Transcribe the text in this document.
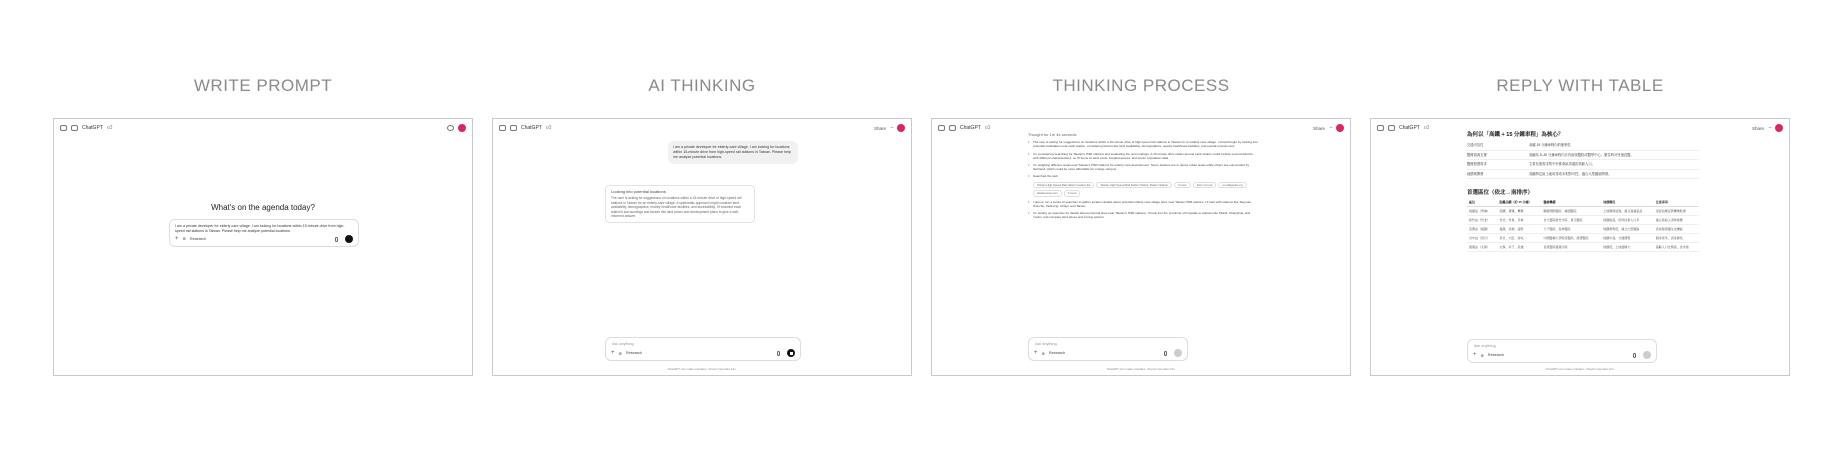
WRITE PROMPT	AI THINKING	THINKING PROCESS	REPLY WITH TABLE
ChatGPT o3
What's on the agenda today?
I am a private developer for elderly-care village. I am looking for locations within 15-minute drive from high-speed rail stations in Taiwan. Please help me analyze potential locations.
+ ⚙ Research
ChatGPT o3	Share ···
I am a private developer for elderly-care village. I am looking for locations within 15-minute drive from high-speed rail stations in Taiwan. Please help me analyze potential locations.
Looking into potential locations
The user is asking for suggestions on locations within a 15-minute drive of high-speed rail stations in Taiwan for an elderly-care village. A systematic approach might consider land availability, demographics, nearby healthcare facilities, and accessibility. I'll examine each station's surroundings and factors like land prices and development plans to give a well-informed answer.
Ask anything
+ ⚙ Research
ChatGPT can make mistakes. Check important info.
ChatGPT o3	Share ···
Thought for 1m 4s seconds
• The user is asking for suggestions on locations within a 15-minute drive of high-speed rail stations in Taiwan for an elderly-care village. I should begin by looking into potential candidates near each station, considering factors like land availability, demographics, nearby healthcare facilities, and overall environment.
• I'm considering searching for Taiwan's HSR stations and evaluating the surroundings. A 15-minute drive radius around each station could include several districts with different characteristics, so I'll focus on land costs, hospital access, and senior population data.
• I'm weighing different areas near Taiwan's HSR stations for elderly care development. Some stations are in dense urban areas while others are surrounded by farmland, which could be more affordable for a large campus.
• Searched the web
Taiwan High Speed Rail station location list	Taiwan High Speed Rail Station Station Station Station	3 more	thsrc.com.tw	en.wikipedia.org
taiwannews.com	3 more
• I plan to run a series of searches to gather location details about potential elderly-care village sites near Taiwan HSR stations. I'll start with stations like Taoyuan, Hsinchu, Taichung, Chiayi, and Tainan.
• I'm setting up searches for details about potential sites near Taiwan's HSR stations. I'll look into the proximity of hospitals to stations like Miaoli, Changhua, and Yunlin, and compare land prices and zoning options.
Ask anything
+ ⚙ Research
ChatGPT can make mistakes. Check important info.
ChatGPT o3	Share ···
為何以「高鐵 + 15 分鐘車程」為核心？
交通可及性	高鐵 15 分鐘車程內的便利性
醫療資源支撐	高鐵站 5–30 分鐘車程內多有區域醫院或醫學中心，緊急時可快速送醫。
醫療照護需求	主要長照需求集中於都會區周邊的高齡人口。
地價與開發	高鐵特定區土地取得成本相對可控，適合大型園區開發。
首選區位（依北→南排序）
區位	距離高鐵（約 15 分鐘）	醫療機構	地價概況	注意事項
桃園站（青埔）	高鐵、捷運、機場	聯新國際醫院、桃園醫院	土地開發成熟，適合高端產品	需評估噪音與機場航道
新竹站（竹北）	竹北、竹東、芎林	台大醫院新竹分院、東元醫院	地價較高，但科技業人口多	適合高收入退休族群
苗栗站（後龍）	後龍、造橋、頭份	大千醫院、為恭醫院	地價相對低，適合大型園區	需加強周邊生活機能
台中站（烏日）	烏日、大肚、南屯	中國醫藥大學附設醫院、澄清醫院	地價中高，交通便利	競爭者多，需差異化
嘉義站（太保）	太保、朴子、民雄	長庚醫院嘉義分院	地價低，土地面積大	高齡人口比例高，需求強
Ask anything
+ ⚙ Research
ChatGPT can make mistakes. Check important info.
